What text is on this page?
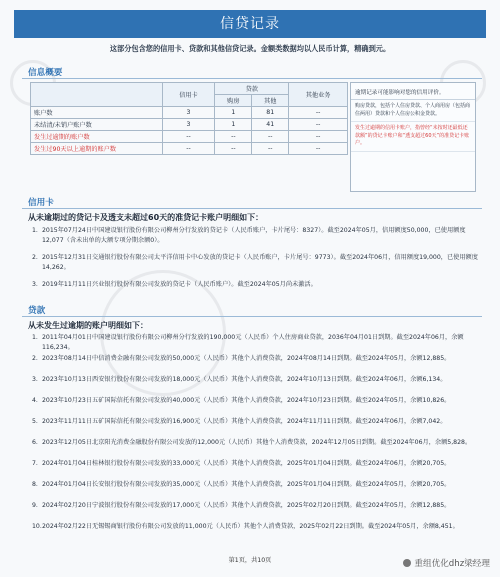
信贷记录
这部分包含您的信用卡、贷款和其他信贷记录。金额类数据均以人民币计算，精确到元。
信息概要
	信用卡	贷款		其他业务
		购房	其他	
账户数	3	1	81	--
未结清/未销户账户数	3	1	41	--
发生过逾期的账户数	--	--	--	--
发生过90天以上逾期的账户数	--	--	--	--
逾期记录可能影响对您的信用评价。
购房贷款，包括个人住房贷款、个人商用房（包括商住两用）贷款和个人住房公积金贷款。
发生过逾期的信用卡账户，指曾经“未按时还最低还款额”的贷记卡账户和“透支超过60天”的准贷记卡账户。
信用卡
从未逾期过的贷记卡及透支未超过60天的准贷记卡账户明细如下：
1. 2015年07月24日中国建设银行股份有限公司柳州分行发放的贷记卡（人民币账户，卡片尾号：8327）。截至2024年05月，信用额度50,000，已使用额度12,077（含未出单的大额专项分期余额0）。
2. 2015年12月31日交通银行股份有限公司太平洋信用卡中心发放的贷记卡（人民币账户，卡片尾号：9773）。截至2024年06月，信用额度19,000，已使用额度14,262。
3. 2019年11月11日兴业银行股份有限公司发放的贷记卡（人民币账户）。截至2024年05月尚未激活。
贷款
从未发生过逾期的账户明细如下：
1. 2011年04月01日中国建设银行股份有限公司柳州分行发放的190,000元（人民币）个人住房商业贷款，2036年04月01日到期。截至2024年06月，余额116,234。
2. 2023年08月14日中信消费金融有限公司发放的50,000元（人民币）其他个人消费贷款，2024年08月14日到期。截至2024年05月，余额12,885。
3. 2023年10月13日西安银行股份有限公司发放的18,000元（人民币）其他个人消费贷款，2024年10月13日到期。截至2024年06月，余额6,134。
4. 2023年10月23日五矿国际信托有限公司发放的40,000元（人民币）其他个人消费贷款，2024年10月23日到期。截至2024年05月，余额10,826。
5. 2023年11月11日五矿国际信托有限公司发放的16,900元（人民币）其他个人消费贷款，2024年11月11日到期。截至2024年06月，余额7,042。
6. 2023年12月05日北京阳光消费金融股份有限公司发放的12,000元（人民币）其他个人消费贷款，2024年12月05日到期。截至2024年06月，余额5,828。
7. 2024年01月04日桂林银行股份有限公司发放的33,000元（人民币）其他个人消费贷款，2025年01月04日到期。截至2024年06月，余额20,705。
8. 2024年01月04日长安银行股份有限公司发放的35,000元（人民币）其他个人消费贷款，2025年01月04日到期。截至2024年05月，余额20,705。
9. 2024年02月20日宁波银行股份有限公司发放的17,000元（人民币）其他个人消费贷款，2025年02月20日到期。截至2024年05月，余额12,885。
10. 2024年02月22日无锡锡商银行股份有限公司发放的11,000元（人民币）其他个人消费贷款，2025年02月22日到期。截至2024年05月，余额8,451。
第1页，共10页	重组优化dhz梁经理
